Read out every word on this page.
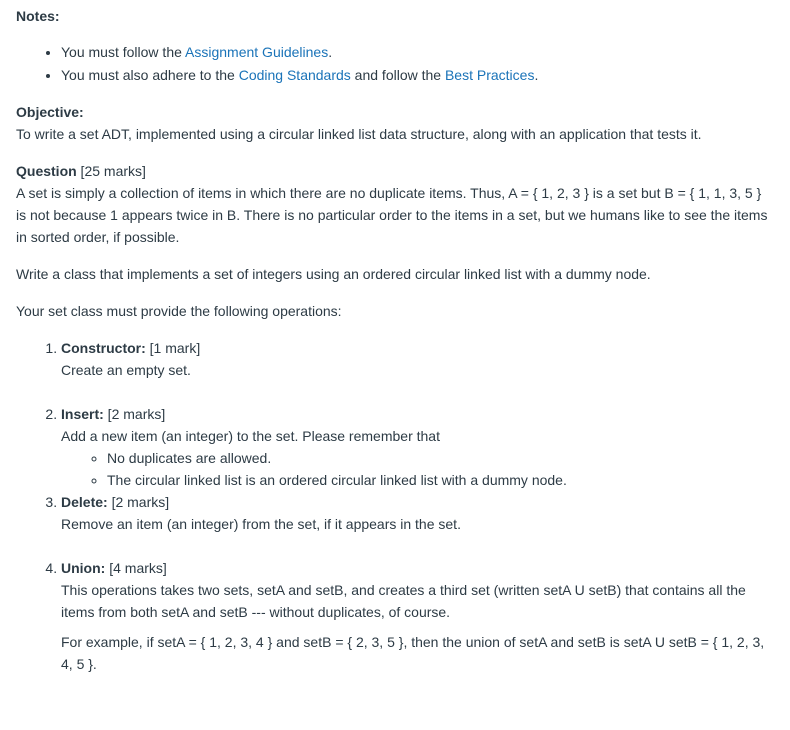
Notes:

• You must follow the Assignment Guidelines.
• You must also adhere to the Coding Standards and follow the Best Practices.

Objective:

To write a set ADT, implemented using a circular linked list data structure, along with an application that tests it.

Question [25 marks]

A set is simply a collection of items in which there are no duplicate items. Thus, A = { 1, 2, 3 } is a set but B = { 1, 1, 3, 5 } is not because 1 appears twice in B. There is no particular order to the items in a set, but we humans like to see the items in sorted order, if possible.

Write a class that implements a set of integers using an ordered circular linked list with a dummy node.

Your set class must provide the following operations:

1. Constructor: [1 mark]
Create an empty set.
2. Insert: [2 marks]
Add a new item (an integer) to the set. Please remember that
◦ No duplicates are allowed.
◦ The circular linked list is an ordered circular linked list with a dummy node.
3. Delete: [2 marks]
Remove an item (an integer) from the set, if it appears in the set.
4. Union: [4 marks]
This operations takes two sets, setA and setB, and creates a third set (written setA U setB) that contains all the items from both setA and setB --- without duplicates, of course.
For example, if setA = { 1, 2, 3, 4 } and setB = { 2, 3, 5 }, then the union of setA and setB is setA U setB = { 1, 2, 3, 4, 5 }.
